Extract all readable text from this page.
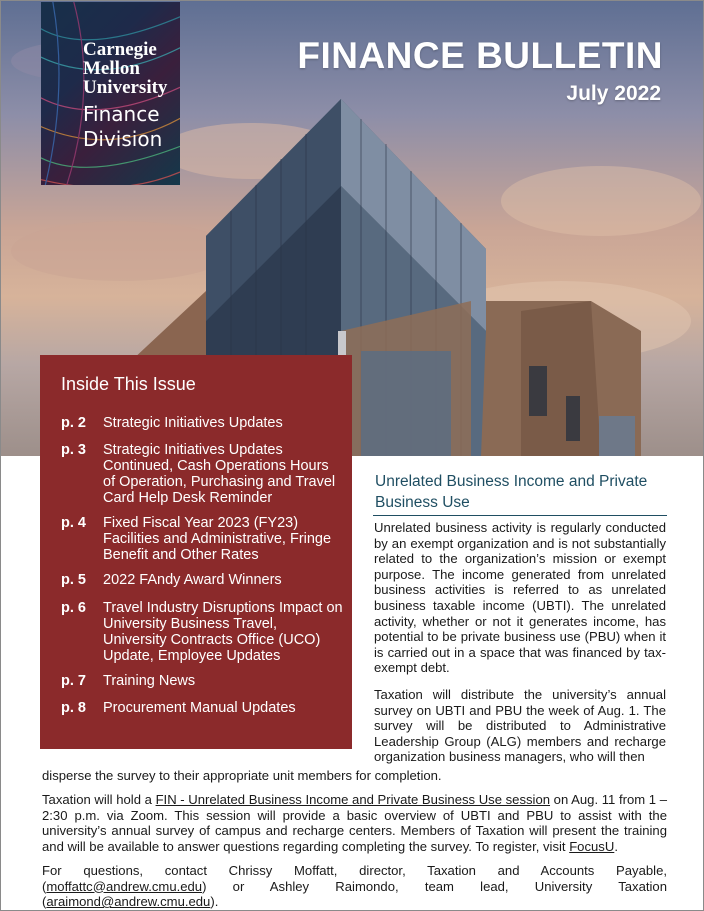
Carnegie
Mellon
University
Finance
Division
FINANCE BULLETIN
July 2022
Inside This Issue
p. 2 Strategic Initiatives Updates
p. 3 Strategic Initiatives Updates Continued, Cash Operations Hours of Operation, Purchasing and Travel Card Help Desk Reminder
p. 4 Fixed Fiscal Year 2023 (FY23) Facilities and Administrative, Fringe Benefit and Other Rates
p. 5 2022 FAndy Award Winners
p. 6 Travel Industry Disruptions Impact on University Business Travel, University Contracts Office (UCO) Update, Employee Updates
p. 7 Training News
p. 8 Procurement Manual Updates
Unrelated Business Income and Private Business Use

Unrelated business activity is regularly conducted by an exempt organization and is not substantially related to the organization’s mission or exempt purpose. The income generated from unrelated business activities is referred to as unrelated business taxable income (UBTI). The unrelated activity, whether or not it generates income, has potential to be private business use (PBU) when it is carried out in a space that was financed by tax-exempt debt.

Taxation will distribute the university’s annual survey on UBTI and PBU the week of Aug. 1. The survey will be distributed to Administrative Leadership Group (ALG) members and recharge organization business managers, who will then

disperse the survey to their appropriate unit members for completion.

Taxation will hold a FIN - Unrelated Business Income and Private Business Use session on Aug. 11 from 1 – 2:30 p.m. via Zoom. This session will provide a basic overview of UBTI and PBU to assist with the university’s annual survey of campus and recharge centers. Members of Taxation will present the training and will be available to answer questions regarding completing the survey. To register, visit FocusU.

For questions, contact Chrissy Moffatt, director, Taxation and Accounts Payable, (moffattc@andrew.cmu.edu) or Ashley Raimondo, team lead, University Taxation (araimond@andrew.cmu.edu).
